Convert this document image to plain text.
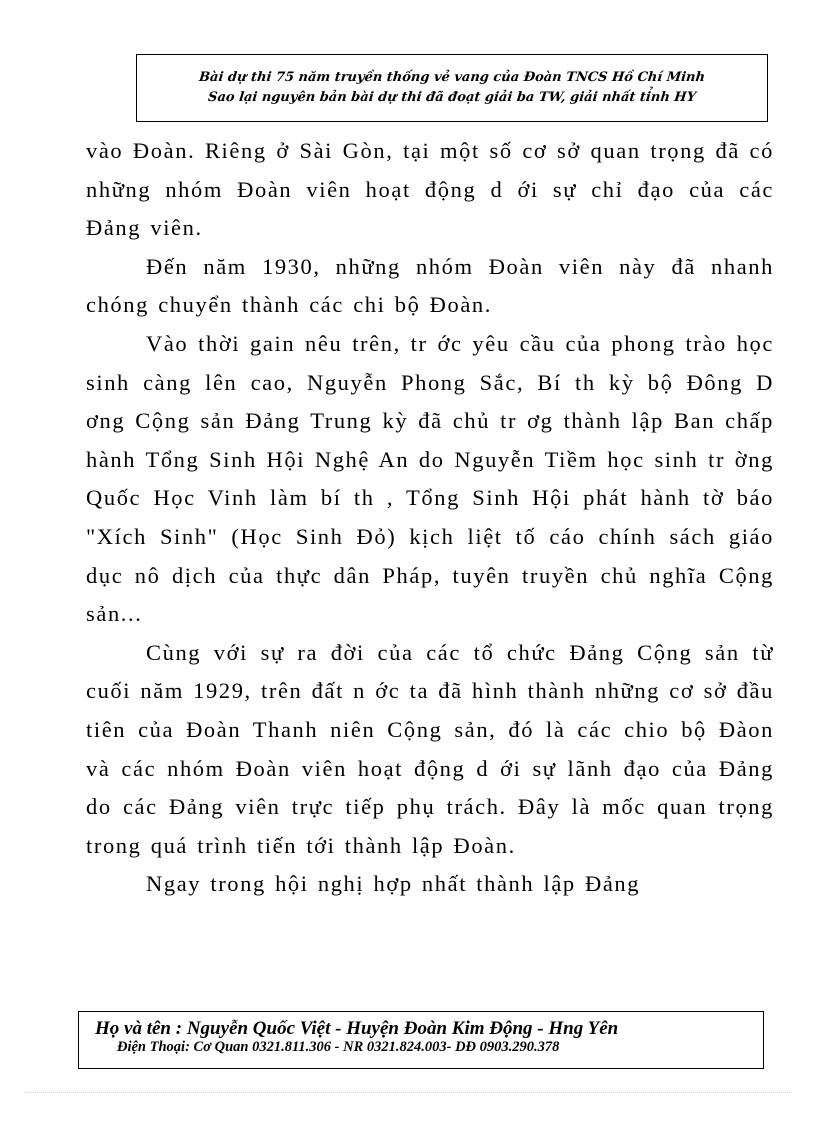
Bài dự thi 75 năm truyền thống vẻ vang của Đoàn TNCS Hồ Chí Minh
Sao lại nguyên bản bài dự thi đã đoạt giải ba TW, giải nhất tỉnh HY

vào Đoàn. Riêng ở Sài Gòn, tại một số cơ sở quan trọng đã có những nhóm Đoàn viên hoạt động d ới sự chỉ đạo của các Đảng viên.

Đến năm 1930, những nhóm Đoàn viên này đã nhanh chóng chuyển thành các chi bộ Đoàn.

Vào thời gain nêu trên, tr ớc yêu cầu của phong trào học sinh càng lên cao, Nguyễn Phong Sắc, Bí th kỳ bộ Đông D ơng Cộng sản Đảng Trung kỳ đã chủ tr ơg thành lập Ban chấp hành Tổng Sinh Hội Nghệ An do Nguyễn Tiềm học sinh tr ờng Quốc Học Vinh làm bí th , Tổng Sinh Hội phát hành tờ báo "Xích Sinh" (Học Sinh Đỏ) kịch liệt tố cáo chính sách giáo dục nô dịch của thực dân Pháp, tuyên truyền chủ nghĩa Cộng sản...

Cùng với sự ra đời của các tổ chức Đảng Cộng sản từ cuối năm 1929, trên đất n ớc ta đã hình thành những cơ sở đầu tiên của Đoàn Thanh niên Cộng sản, đó là các chio bộ Đàon và các nhóm Đoàn viên hoạt động d ới sự lãnh đạo của Đảng do các Đảng viên trực tiếp phụ trách. Đây là mốc quan trọng trong quá trình tiến tới thành lập Đoàn.

Ngay trong hội nghị hợp nhất thành lập Đảng

Họ và tên : Nguyễn Quốc Việt - Huyện Đoàn Kim Động - Hng Yên
Điện Thoại: Cơ Quan 0321.811.306 - NR 0321.824.003- DĐ 0903.290.378
